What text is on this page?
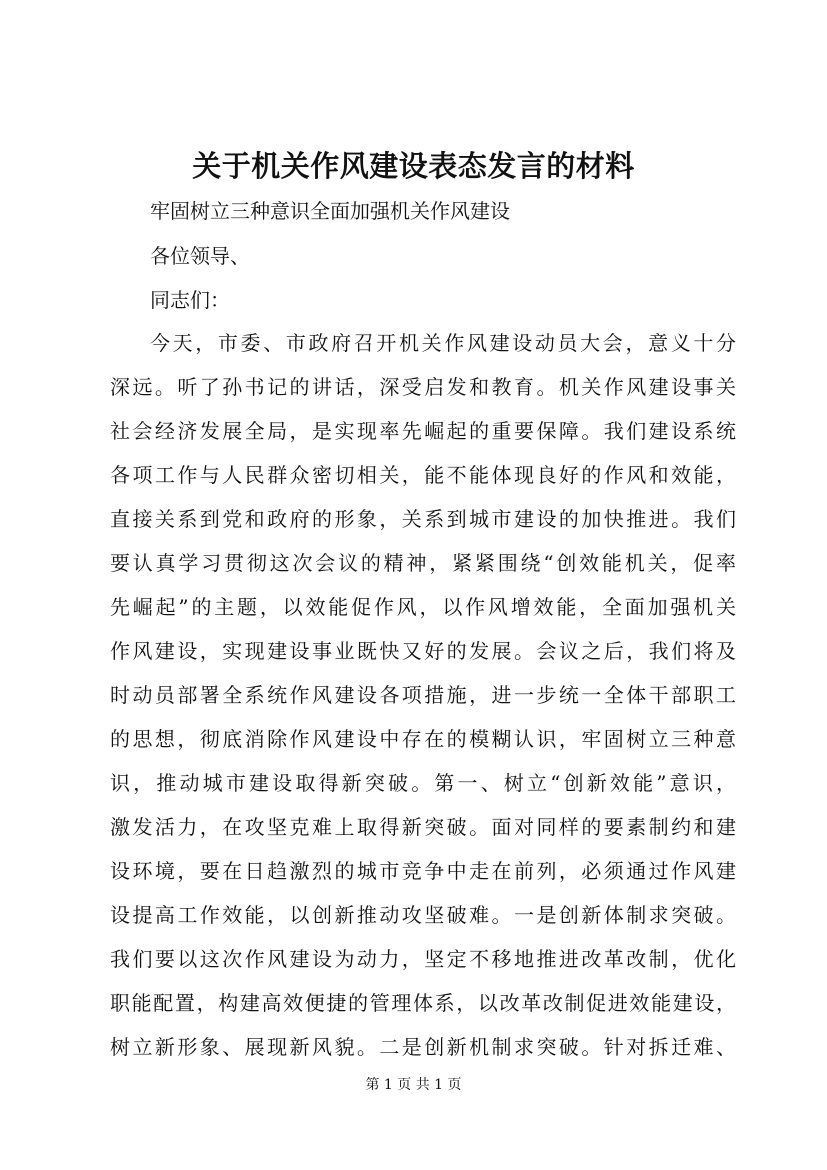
关于机关作风建设表态发言的材料
牢固树立三种意识全面加强机关作风建设
各位领导、
同志们：
今天，市委、市政府召开机关作风建设动员大会，意义十分
深远。听了孙书记的讲话，深受启发和教育。机关作风建设事关
社会经济发展全局，是实现率先崛起的重要保障。我们建设系统
各项工作与人民群众密切相关，能不能体现良好的作风和效能，
直接关系到党和政府的形象，关系到城市建设的加快推进。我们
要认真学习贯彻这次会议的精神，紧紧围绕“创效能机关，促率
先崛起”的主题，以效能促作风，以作风增效能，全面加强机关
作风建设，实现建设事业既快又好的发展。会议之后，我们将及
时动员部署全系统作风建设各项措施，进一步统一全体干部职工
的思想，彻底消除作风建设中存在的模糊认识，牢固树立三种意
识，推动城市建设取得新突破。第一、树立“创新效能”意识，
激发活力，在攻坚克难上取得新突破。面对同样的要素制约和建
设环境，要在日趋激烈的城市竞争中走在前列，必须通过作风建
设提高工作效能，以创新推动攻坚破难。一是创新体制求突破。
我们要以这次作风建设为动力，坚定不移地推进改革改制，优化
职能配置，构建高效便捷的管理体系，以改革改制促进效能建设，
树立新形象、展现新风貌。二是创新机制求突破。针对拆迁难、
第 1 页 共 1 页
